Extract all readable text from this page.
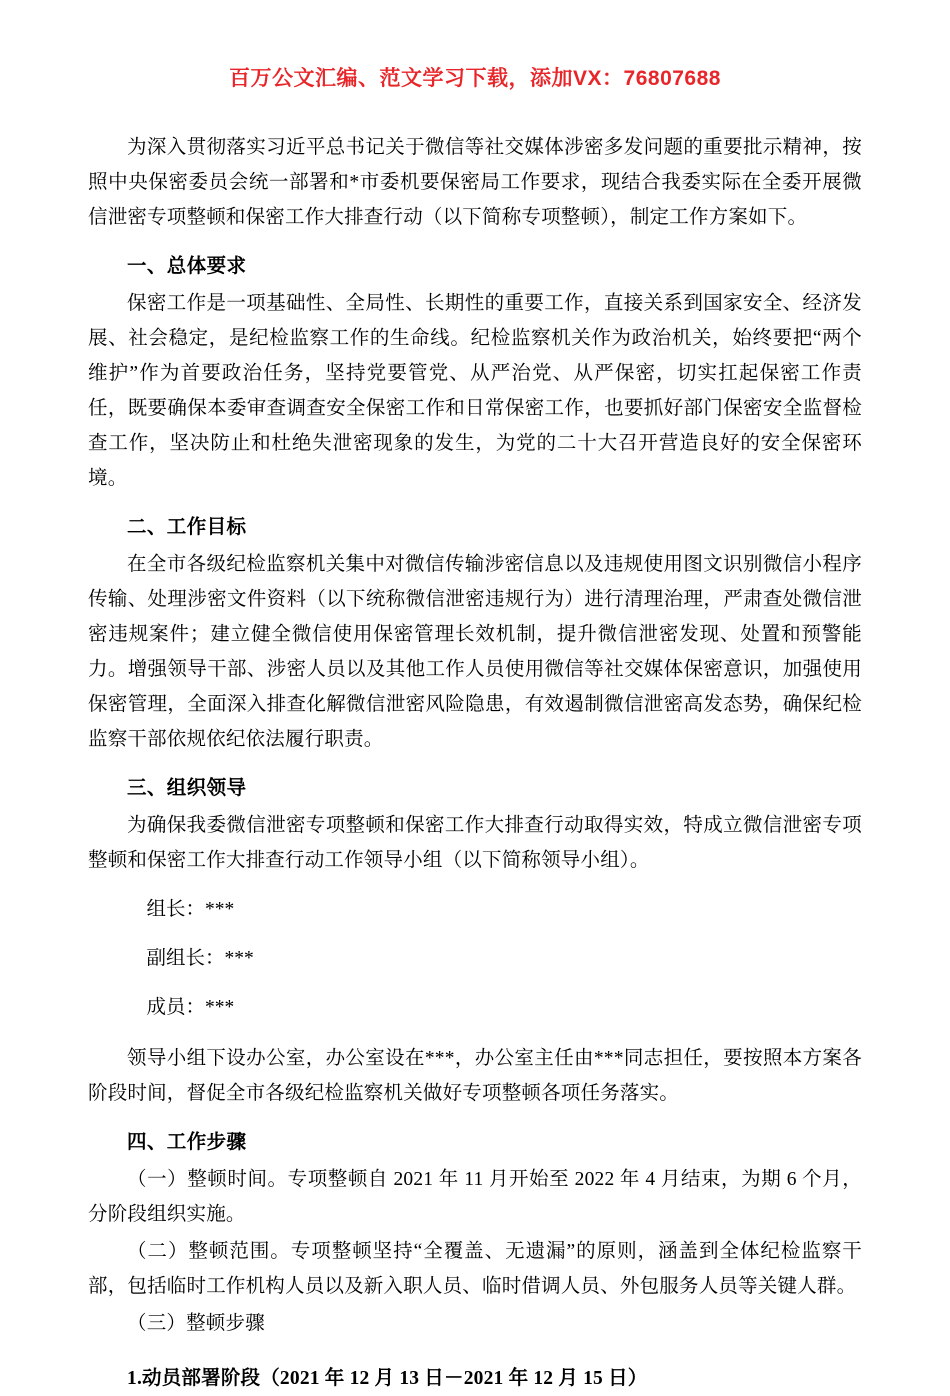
百万公文汇编、范文学习下载，添加VX：76807688

为深入贯彻落实习近平总书记关于微信等社交媒体涉密多发问题的重要批示精神，按照中央保密委员会统一部署和*市委机要保密局工作要求，现结合我委实际在全委开展微信泄密专项整顿和保密工作大排查行动（以下简称专项整顿），制定工作方案如下。

一、总体要求

保密工作是一项基础性、全局性、长期性的重要工作，直接关系到国家安全、经济发展、社会稳定，是纪检监察工作的生命线。纪检监察机关作为政治机关，始终要把“两个维护”作为首要政治任务，坚持党要管党、从严治党、从严保密，切实扛起保密工作责任，既要确保本委审查调查安全保密工作和日常保密工作，也要抓好部门保密安全监督检查工作，坚决防止和杜绝失泄密现象的发生，为党的二十大召开营造良好的安全保密环境。

二、工作目标

在全市各级纪检监察机关集中对微信传输涉密信息以及违规使用图文识别微信小程序传输、处理涉密文件资料（以下统称微信泄密违规行为）进行清理治理，严肃查处微信泄密违规案件；建立健全微信使用保密管理长效机制，提升微信泄密发现、处置和预警能力。增强领导干部、涉密人员以及其他工作人员使用微信等社交媒体保密意识，加强使用保密管理，全面深入排查化解微信泄密风险隐患，有效遏制微信泄密高发态势，确保纪检监察干部依规依纪依法履行职责。

三、组织领导

为确保我委微信泄密专项整顿和保密工作大排查行动取得实效，特成立微信泄密专项整顿和保密工作大排查行动工作领导小组（以下简称领导小组）。

组长：***

副组长：***

成员：***

领导小组下设办公室，办公室设在***，办公室主任由***同志担任，要按照本方案各阶段时间，督促全市各级纪检监察机关做好专项整顿各项任务落实。

四、工作步骤

（一）整顿时间。专项整顿自 2021 年 11 月开始至 2022 年 4 月结束，为期 6 个月，分阶段组织实施。

（二）整顿范围。专项整顿坚持“全覆盖、无遗漏”的原则，涵盖到全体纪检监察干部，包括临时工作机构人员以及新入职人员、临时借调人员、外包服务人员等关键人群。

（三）整顿步骤

1.动员部署阶段（2021 年 12 月 13 日－2021 年 12 月 15 日）
